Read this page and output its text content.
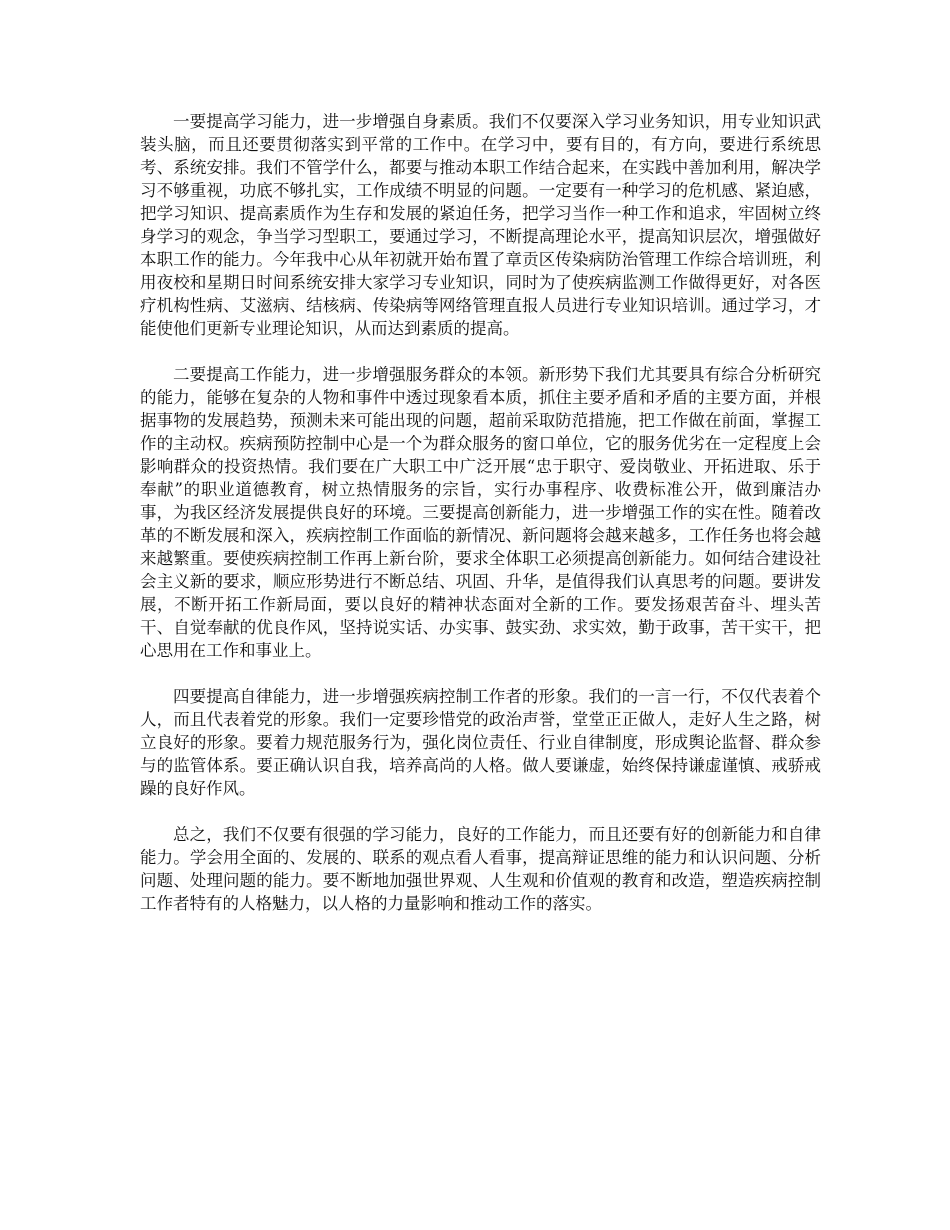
一要提高学习能力，进一步增强自身素质。我们不仅要深入学习业务知识，用专业知识武装头脑，而且还要贯彻落实到平常的工作中。在学习中，要有目的，有方向，要进行系统思考、系统安排。我们不管学什么，都要与推动本职工作结合起来，在实践中善加利用，解决学习不够重视，功底不够扎实，工作成绩不明显的问题。一定要有一种学习的危机感、紧迫感，把学习知识、提高素质作为生存和发展的紧迫任务，把学习当作一种工作和追求，牢固树立终身学习的观念，争当学习型职工，要通过学习，不断提高理论水平，提高知识层次，增强做好本职工作的能力。今年我中心从年初就开始布置了章贡区传染病防治管理工作综合培训班，利用夜校和星期日时间系统安排大家学习专业知识，同时为了使疾病监测工作做得更好，对各医疗机构性病、艾滋病、结核病、传染病等网络管理直报人员进行专业知识培训。通过学习，才能使他们更新专业理论知识，从而达到素质的提高。

二要提高工作能力，进一步增强服务群众的本领。新形势下我们尤其要具有综合分析研究的能力，能够在复杂的人物和事件中透过现象看本质，抓住主要矛盾和矛盾的主要方面，并根据事物的发展趋势，预测未来可能出现的问题，超前采取防范措施，把工作做在前面，掌握工作的主动权。疾病预防控制中心是一个为群众服务的窗口单位，它的服务优劣在一定程度上会影响群众的投资热情。我们要在广大职工中广泛开展“忠于职守、爱岗敬业、开拓进取、乐于奉献”的职业道德教育，树立热情服务的宗旨，实行办事程序、收费标准公开，做到廉洁办事，为我区经济发展提供良好的环境。三要提高创新能力，进一步增强工作的实在性。随着改革的不断发展和深入，疾病控制工作面临的新情况、新问题将会越来越多，工作任务也将会越来越繁重。要使疾病控制工作再上新台阶，要求全体职工必须提高创新能力。如何结合建设社会主义新的要求，顺应形势进行不断总结、巩固、升华，是值得我们认真思考的问题。要讲发展，不断开拓工作新局面，要以良好的精神状态面对全新的工作。要发扬艰苦奋斗、埋头苦干、自觉奉献的优良作风，坚持说实话、办实事、鼓实劲、求实效，勤于政事，苦干实干，把心思用在工作和事业上。

四要提高自律能力，进一步增强疾病控制工作者的形象。我们的一言一行，不仅代表着个人，而且代表着党的形象。我们一定要珍惜党的政治声誉，堂堂正正做人，走好人生之路，树立良好的形象。要着力规范服务行为，强化岗位责任、行业自律制度，形成舆论监督、群众参与的监管体系。要正确认识自我，培养高尚的人格。做人要谦虚，始终保持谦虚谨慎、戒骄戒躁的良好作风。

总之，我们不仅要有很强的学习能力，良好的工作能力，而且还要有好的创新能力和自律能力。学会用全面的、发展的、联系的观点看人看事，提高辩证思维的能力和认识问题、分析问题、处理问题的能力。要不断地加强世界观、人生观和价值观的教育和改造，塑造疾病控制工作者特有的人格魅力，以人格的力量影响和推动工作的落实。
